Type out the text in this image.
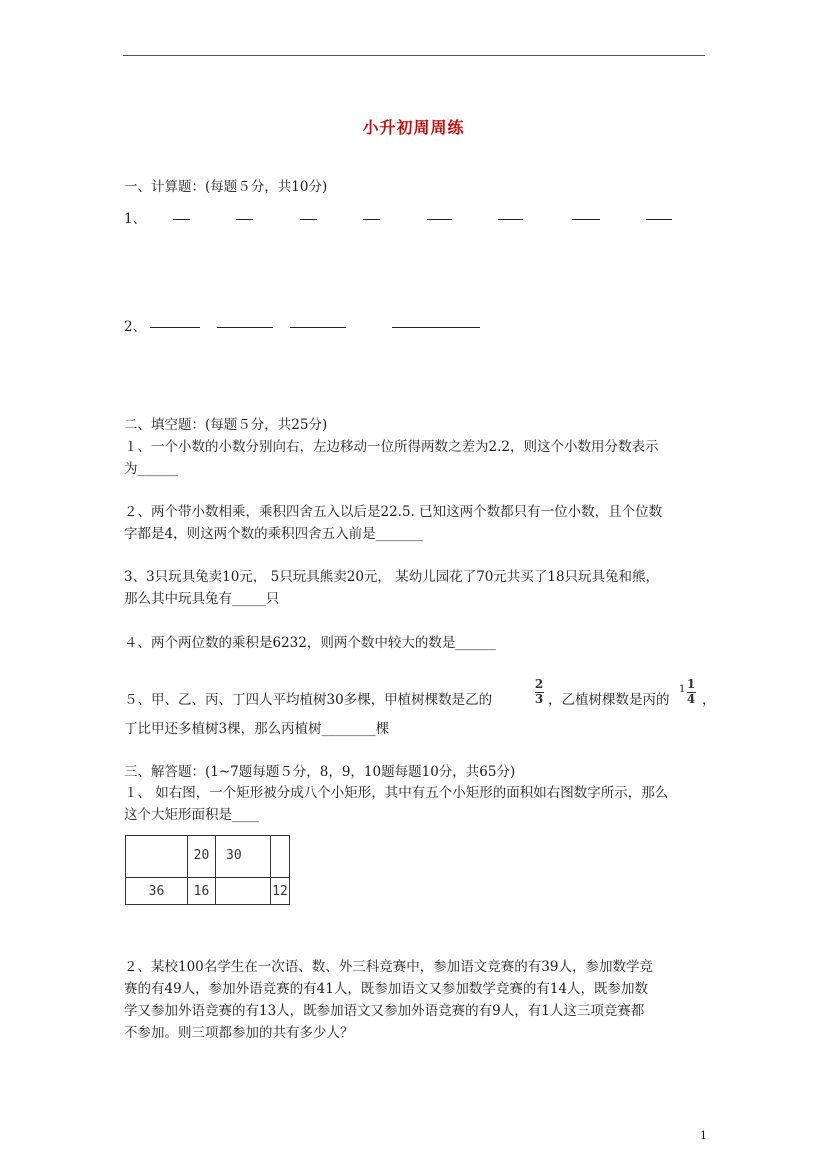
小升初周周练
一、计算题：(每题５分，共10分)
1、
2、
二、填空题：(每题５分，共25分)
１、一个小数的小数分别向右，左边移动一位所得两数之差为2.2，则这个小数用分数表示
为______
２、两个带小数相乘，乘积四舍五入以后是22.5. 已知这两个数都只有一位小数，且个位数
字都是4，则这两个数的乘积四舍五入前是_______
3、3只玩具兔卖10元， 5只玩具熊卖20元， 某幼儿园花了70元共买了18只玩具兔和熊，
那么其中玩具兔有_____只
４、两个两位数的乘积是6232，则两个数中较大的数是______
５、甲、乙、丙、丁四人平均植树30多棵，甲植树棵数是乙的
2
3 ，乙植树棵数是丙的
1 1
4 ，
丁比甲还多植树3棵，那么丙植树________棵
三、解答题：(1~7题每题５分，8，9，10题每题10分，共65分)
１、 如右图，一个矩形被分成八个小矩形，其中有五个小矩形的面积如右图数字所示，那么
这个大矩形面积是____
	20	30	
36	16		12
２、某校100名学生在一次语、数、外三科竞赛中，参加语文竞赛的有39人，参加数学竞
赛的有49人，参加外语竞赛的有41人，既参加语文又参加数学竞赛的有14人，既参加数
学又参加外语竞赛的有13人，既参加语文又参加外语竞赛的有9人，有1人这三项竞赛都
不参加。则三项都参加的共有多少人？
1
